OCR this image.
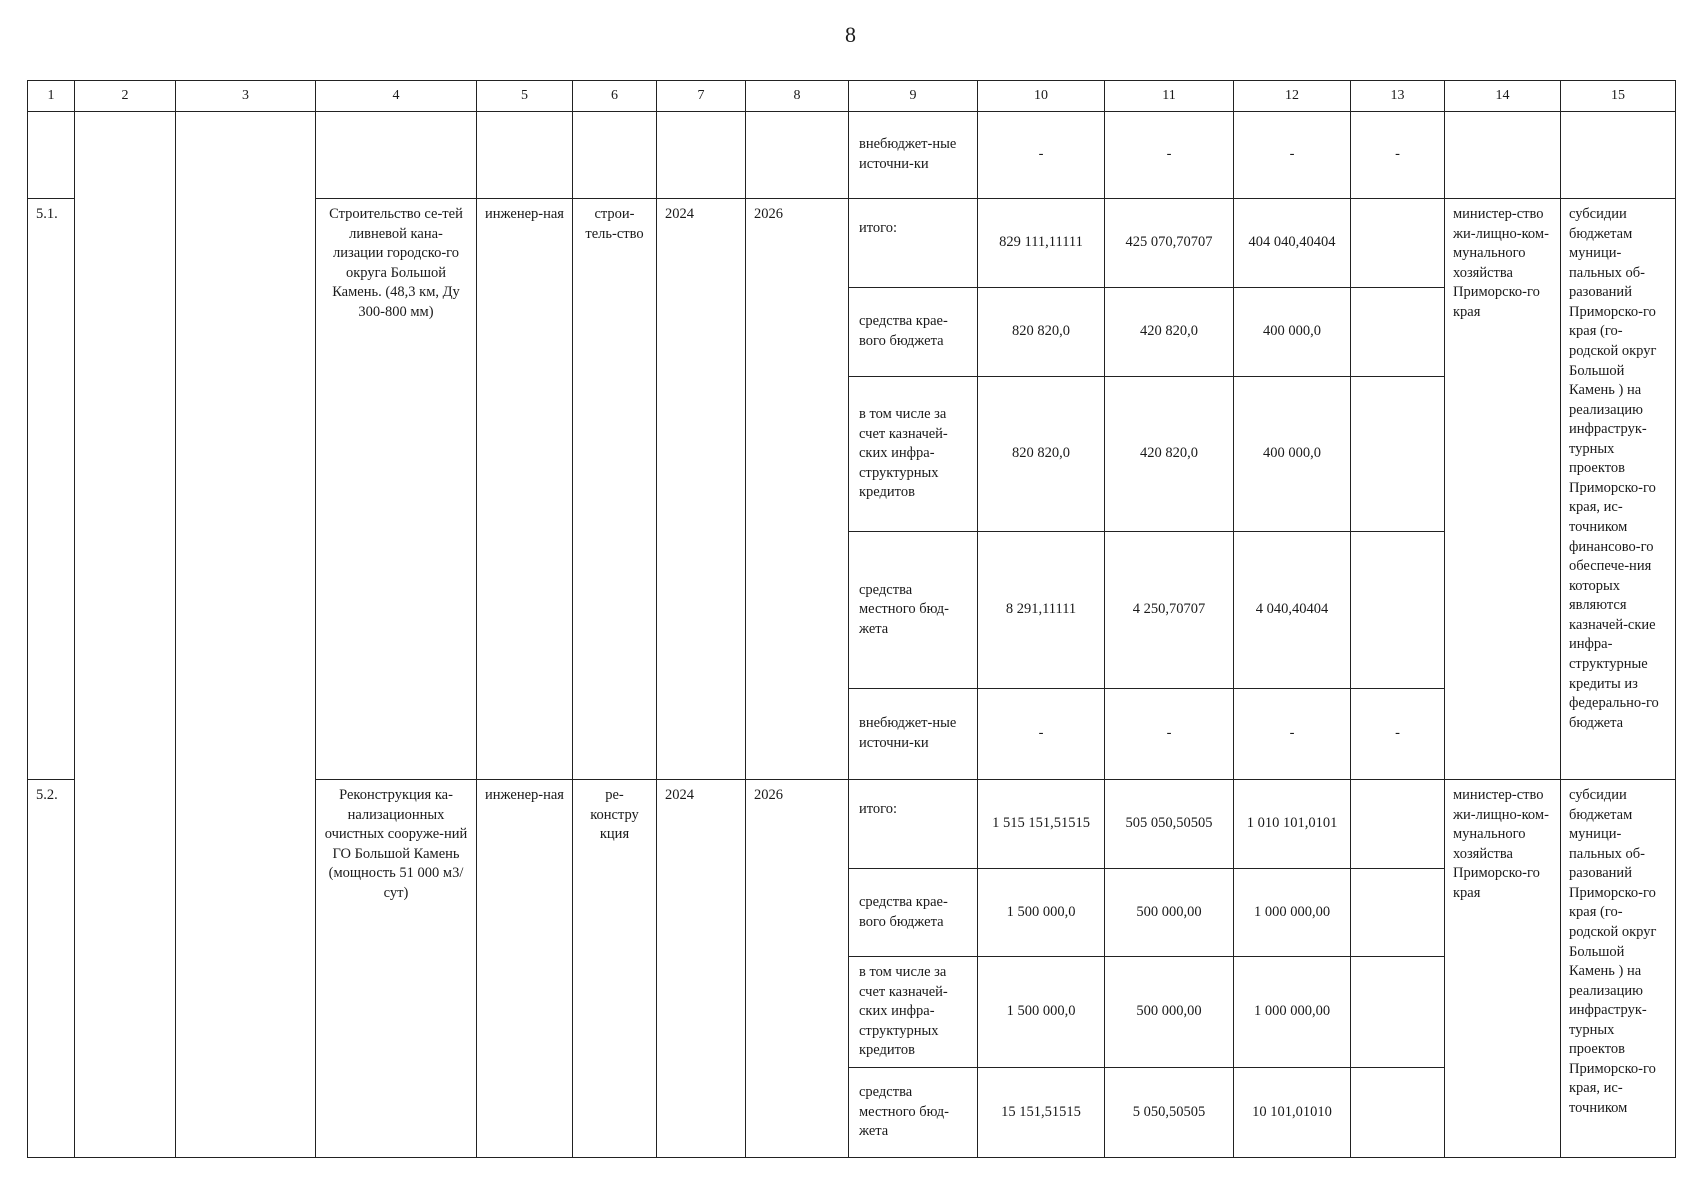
8
1	2	3	4	5	6	7	8	9	10	11	12	13	14	15
								внебюджет-ные источни-ки	-	-	-	-		
5.1.			Строительство се-тей ливневой кана-лизации городско-го округа Большой Камень. (48,3 км, Ду 300-800 мм)	инженер-ная	строи-тель-ство	2024	2026	итого:	829 111,11111	425 070,70707	404 040,40404		министер-ство жи-лищно-ком-мунального хозяйства Приморско-го края	субсидии бюджетам муници-пальных об-разований Приморско-го края (го-родской округ Большой Камень ) на реализацию инфраструк-турных проектов Приморско-го края, ис-точником финансово-го обеспече-ния которых являются казначей-ские инфра-структурные кредиты из федерально-го бюджета
								средства крае-вого бюджета	820 820,0	420 820,0	400 000,0			
								в том числе за счет казначей-ских инфра-структурных кредитов	820 820,0	420 820,0	400 000,0			
								средства местного бюд-жета	8 291,11111	4 250,70707	4 040,40404			
								внебюджет-ные источни-ки	-	-	-	-		
5.2.			Реконструкция ка-нализационных очистных сооруже-ний ГО Большой Камень (мощность 51 000 м3/сут)	инженер-ная	ре-констру кция	2024	2026	итого:	1 515 151,51515	505 050,50505	1 010 101,0101		министер-ство жи-лищно-ком-мунального хозяйства Приморско-го края	субсидии бюджетам муници-пальных об-разований Приморско-го края (го-родской округ Большой Камень ) на реализацию инфраструк-турных проектов Приморско-го края, ис-точником
								средства крае-вого бюджета	1 500 000,0	500 000,00	1 000 000,00			
								в том числе за счет казначей-ских инфра-структурных кредитов	1 500 000,0	500 000,00	1 000 000,00			
								средства местного бюд-жета	15 151,51515	5 050,50505	10 101,01010			
